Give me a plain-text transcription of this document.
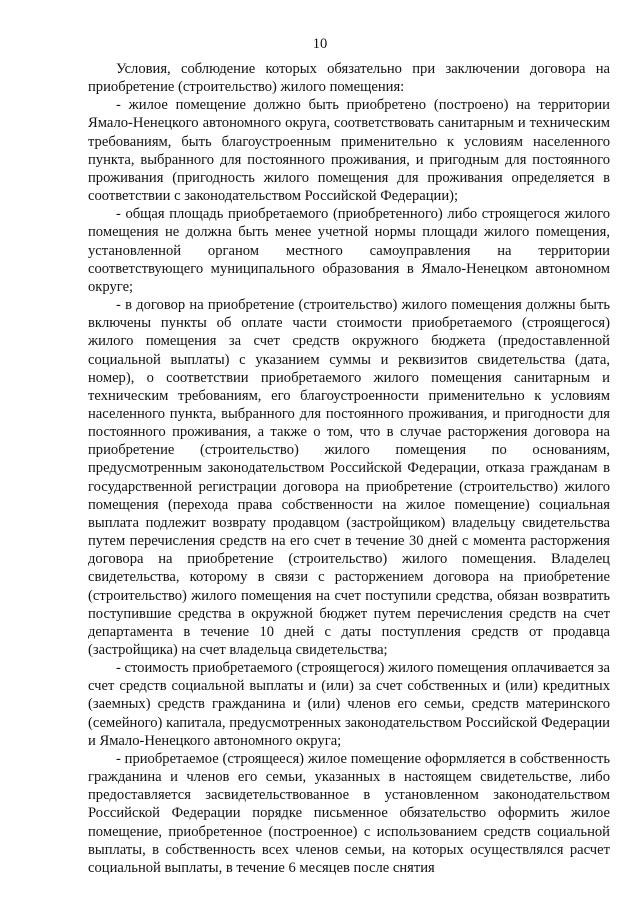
10

Условия, соблюдение которых обязательно при заключении договора на приобретение (строительство) жилого помещения:

- жилое помещение должно быть приобретено (построено) на территории Ямало-Ненецкого автономного округа, соответствовать санитарным и техническим требованиям, быть благоустроенным применительно к условиям населенного пункта, выбранного для постоянного проживания, и пригодным для постоянного проживания (пригодность жилого помещения для проживания определяется в соответствии с законодательством Российской Федерации);

- общая площадь приобретаемого (приобретенного) либо строящегося жилого помещения не должна быть менее учетной нормы площади жилого помещения, установленной органом местного самоуправления на территории соответствующего муниципального образования в Ямало-Ненецком автономном округе;

- в договор на приобретение (строительство) жилого помещения должны быть включены пункты об оплате части стоимости приобретаемого (строящегося) жилого помещения за счет средств окружного бюджета (предоставленной социальной выплаты) с указанием суммы и реквизитов свидетельства (дата, номер), о соответствии приобретаемого жилого помещения санитарным и техническим требованиям, его благоустроенности применительно к условиям населенного пункта, выбранного для постоянного проживания, и пригодности для постоянного проживания, а также о том, что в случае расторжения договора на приобретение (строительство) жилого помещения по основаниям, предусмотренным законодательством Российской Федерации, отказа гражданам в государственной регистрации договора на приобретение (строительство) жилого помещения (перехода права собственности на жилое помещение) социальная выплата подлежит возврату продавцом (застройщиком) владельцу свидетельства путем перечисления средств на его счет в течение 30 дней с момента расторжения договора на приобретение (строительство) жилого помещения. Владелец свидетельства, которому в связи с расторжением договора на приобретение (строительство) жилого помещения на счет поступили средства, обязан возвратить поступившие средства в окружной бюджет путем перечисления средств на счет департамента в течение 10 дней с даты поступления средств от продавца (застройщика) на счет владельца свидетельства;

- стоимость приобретаемого (строящегося) жилого помещения оплачивается за счет средств социальной выплаты и (или) за счет собственных и (или) кредитных (заемных) средств гражданина и (или) членов его семьи, средств материнского (семейного) капитала, предусмотренных законодательством Российской Федерации и Ямало-Ненецкого автономного округа;

- приобретаемое (строящееся) жилое помещение оформляется в собственность гражданина и членов его семьи, указанных в настоящем свидетельстве, либо предоставляется засвидетельствованное в установленном законодательством Российской Федерации порядке письменное обязательство оформить жилое помещение, приобретенное (построенное) с использованием средств социальной выплаты, в собственность всех членов семьи, на которых осуществлялся расчет социальной выплаты, в течение 6 месяцев после снятия
